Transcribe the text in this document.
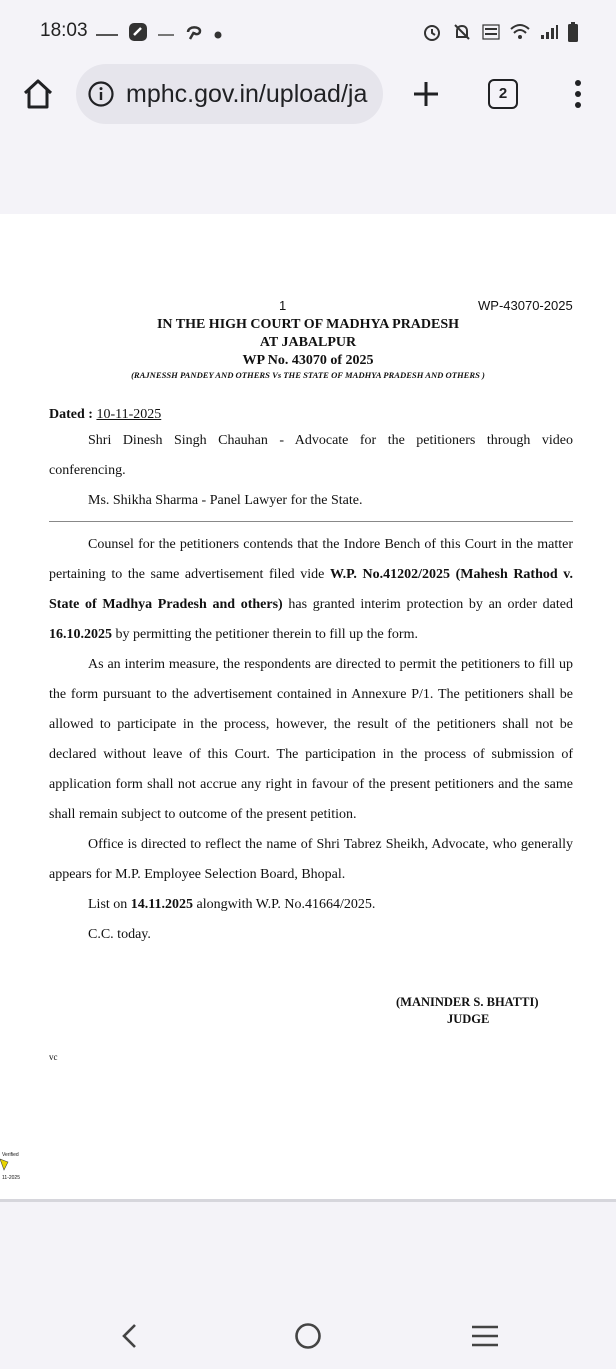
18:03
mphc.gov.in/upload/ja	2
1	WP-43070-2025
IN THE HIGH COURT OF MADHYA PRADESH
AT JABALPUR
WP No. 43070 of 2025
(RAJNESSH PANDEY AND OTHERS Vs THE STATE OF MADHYA PRADESH AND OTHERS )
Dated : 10-11-2025

Shri Dinesh Singh Chauhan - Advocate for the petitioners through video

conferencing.

Ms. Shikha Sharma - Panel Lawyer for the State.

Counsel for the petitioners contends that the Indore Bench of this Court in the matter pertaining to the same advertisement filed vide W.P. No.41202/2025 (Mahesh Rathod v. State of Madhya Pradesh and others) has granted interim protection by an order dated 16.10.2025 by permitting the petitioner therein to fill up the form.

As an interim measure, the respondents are directed to permit the petitioners to fill up the form pursuant to the advertisement contained in Annexure P/1. The petitioners shall be allowed to participate in the process, however, the result of the petitioners shall not be declared without leave of this Court. The participation in the process of submission of application form shall not accrue any right in favour of the present petitioners and the same shall remain subject to outcome of the present petition.

Office is directed to reflect the name of Shri Tabrez Sheikh, Advocate, who generally appears for M.P. Employee Selection Board, Bhopal.

List on 14.11.2025 alongwith W.P. No.41664/2025.

C.C. today.

(MANINDER S. BHATTI)
JUDGE
vc
Verified
11-2025
